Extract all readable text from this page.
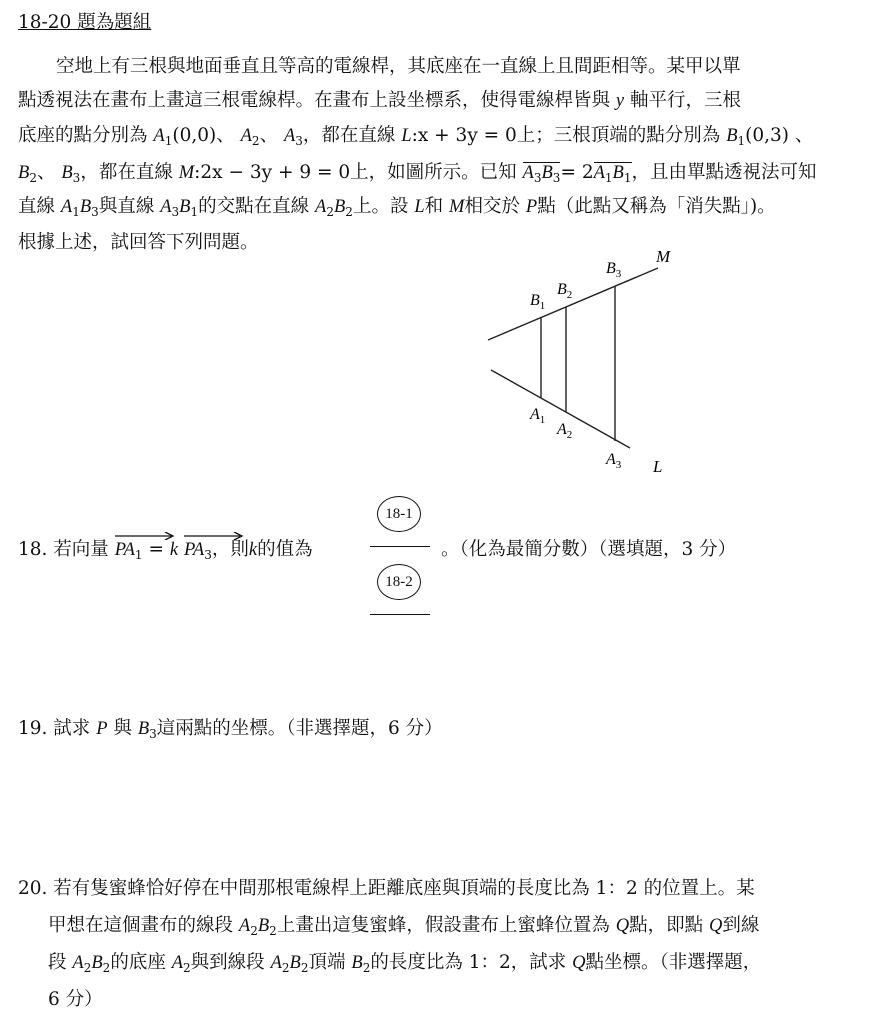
18-20 題為題組
空地上有三根與地面垂直且等高的電線桿，其底座在一直線上且間距相等。某甲以單
點透視法在畫布上畫這三根電線桿。在畫布上設坐標系，使得電線桿皆與 y 軸平行，三根
底座的點分別為 $A_1(0,0)$、 $A_2$、 $A_3$，都在直線 L:x + 3y = 0上；三根頂端的點分別為 $B_1(0,3)$ 、
$B_2$、 $B_3$，都在直線 M:2x − 3y + 9 = 0上，如圖所示。已知 $A_3B_3= 2A_1B_1$，且由單點透視法可知
直線 $A_1B_3$與直線 $A_3B_1$的交點在直線 $A_2B_2$上。設 L和 M相交於 P點（此點又稱為「消失點」)。
根據上述，試回答下列問題。
M
L
$B_1$
$B_2$
$B_3$
$A_1$
$A_2$
$A_3$
18. 若向量 $PA_1 = k$ $PA_3$，則k的值為
18-1
18-2
。（化為最簡分數）（選填題，3 分）
19. 試求 P 與 $B_3$這兩點的坐標。（非選擇題，6 分）
20. 若有隻蜜蜂恰好停在中間那根電線桿上距離底座與頂端的長度比為 1：2 的位置上。某
甲想在這個畫布的線段 $A_2B_2$上畫出這隻蜜蜂，假設畫布上蜜蜂位置為 Q點，即點 Q到線
段 $A_2B_2$的底座 $A_2$與到線段 $A_2B_2$頂端 $B_2$的長度比為 1：2，試求 Q點坐標。（非選擇題，
6 分）
